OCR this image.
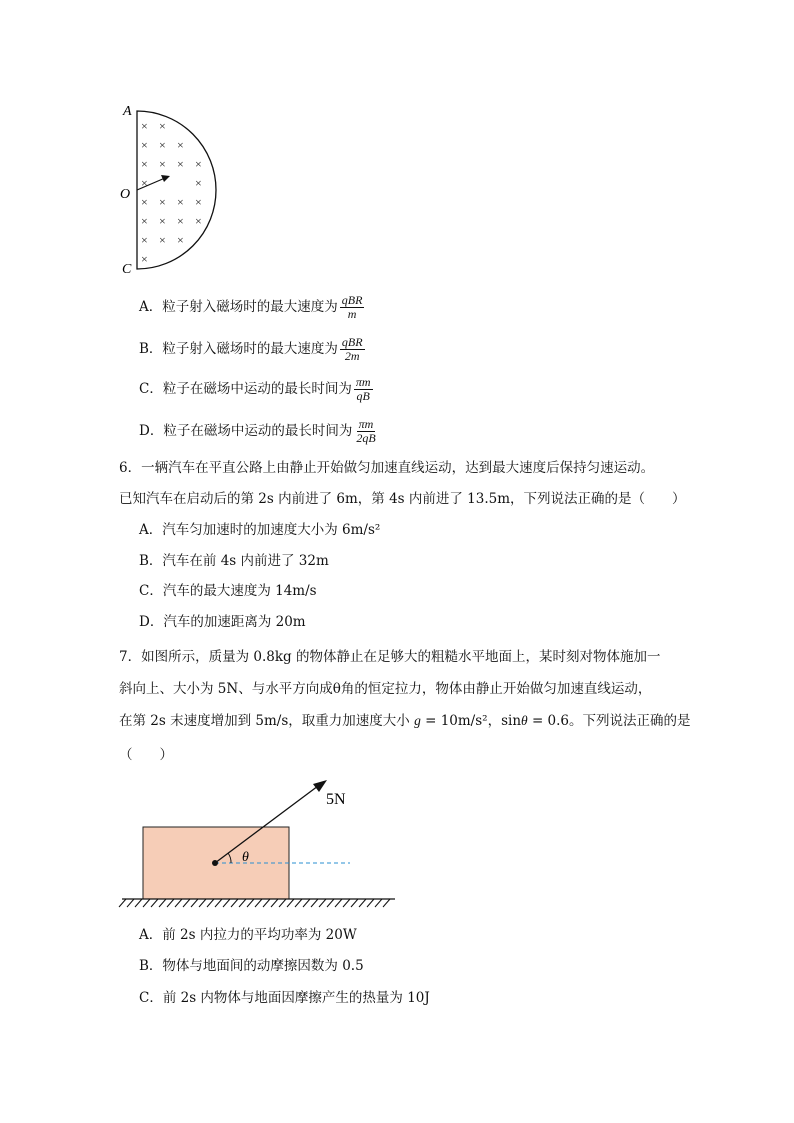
× ×
× × ×
× × × ×
×	×
× × × ×
× × × ×
× × ×
×
A
O
C
A．粒子射入磁场时的最大速度为 $\frac{\text{qBR}}{m}$
B．粒子射入磁场时的最大速度为 $\frac{\text{qBR}}{2m}$
C．粒子在磁场中运动的最长时间为 $\frac{\pi m}{qB}$
D．粒子在磁场中运动的最长时间为 $\frac{\pi m}{2qB}$
6．一辆汽车在平直公路上由静止开始做匀加速直线运动，达到最大速度后保持匀速运动。
已知汽车在启动后的第 2s 内前进了 6m，第 4s 内前进了 13.5m，下列说法正确的是（　　）
A．汽车匀加速时的加速度大小为 6m/s²
B．汽车在前 4s 内前进了 32m
C．汽车的最大速度为 14m/s
D．汽车的加速距离为 20m
7．如图所示，质量为 0.8kg 的物体静止在足够大的粗糙水平地面上，某时刻对物体施加一
斜向上、大小为 5N、与水平方向成θ角的恒定拉力，物体由静止开始做匀加速直线运动，
在第 2s 末速度增加到 5m/s，取重力加速度大小 g = 10m/s²，sinθ = 0.6。下列说法正确的是
（　　）
θ
5N
A．前 2s 内拉力的平均功率为 20W
B．物体与地面间的动摩擦因数为 0.5
C．前 2s 内物体与地面因摩擦产生的热量为 10J
